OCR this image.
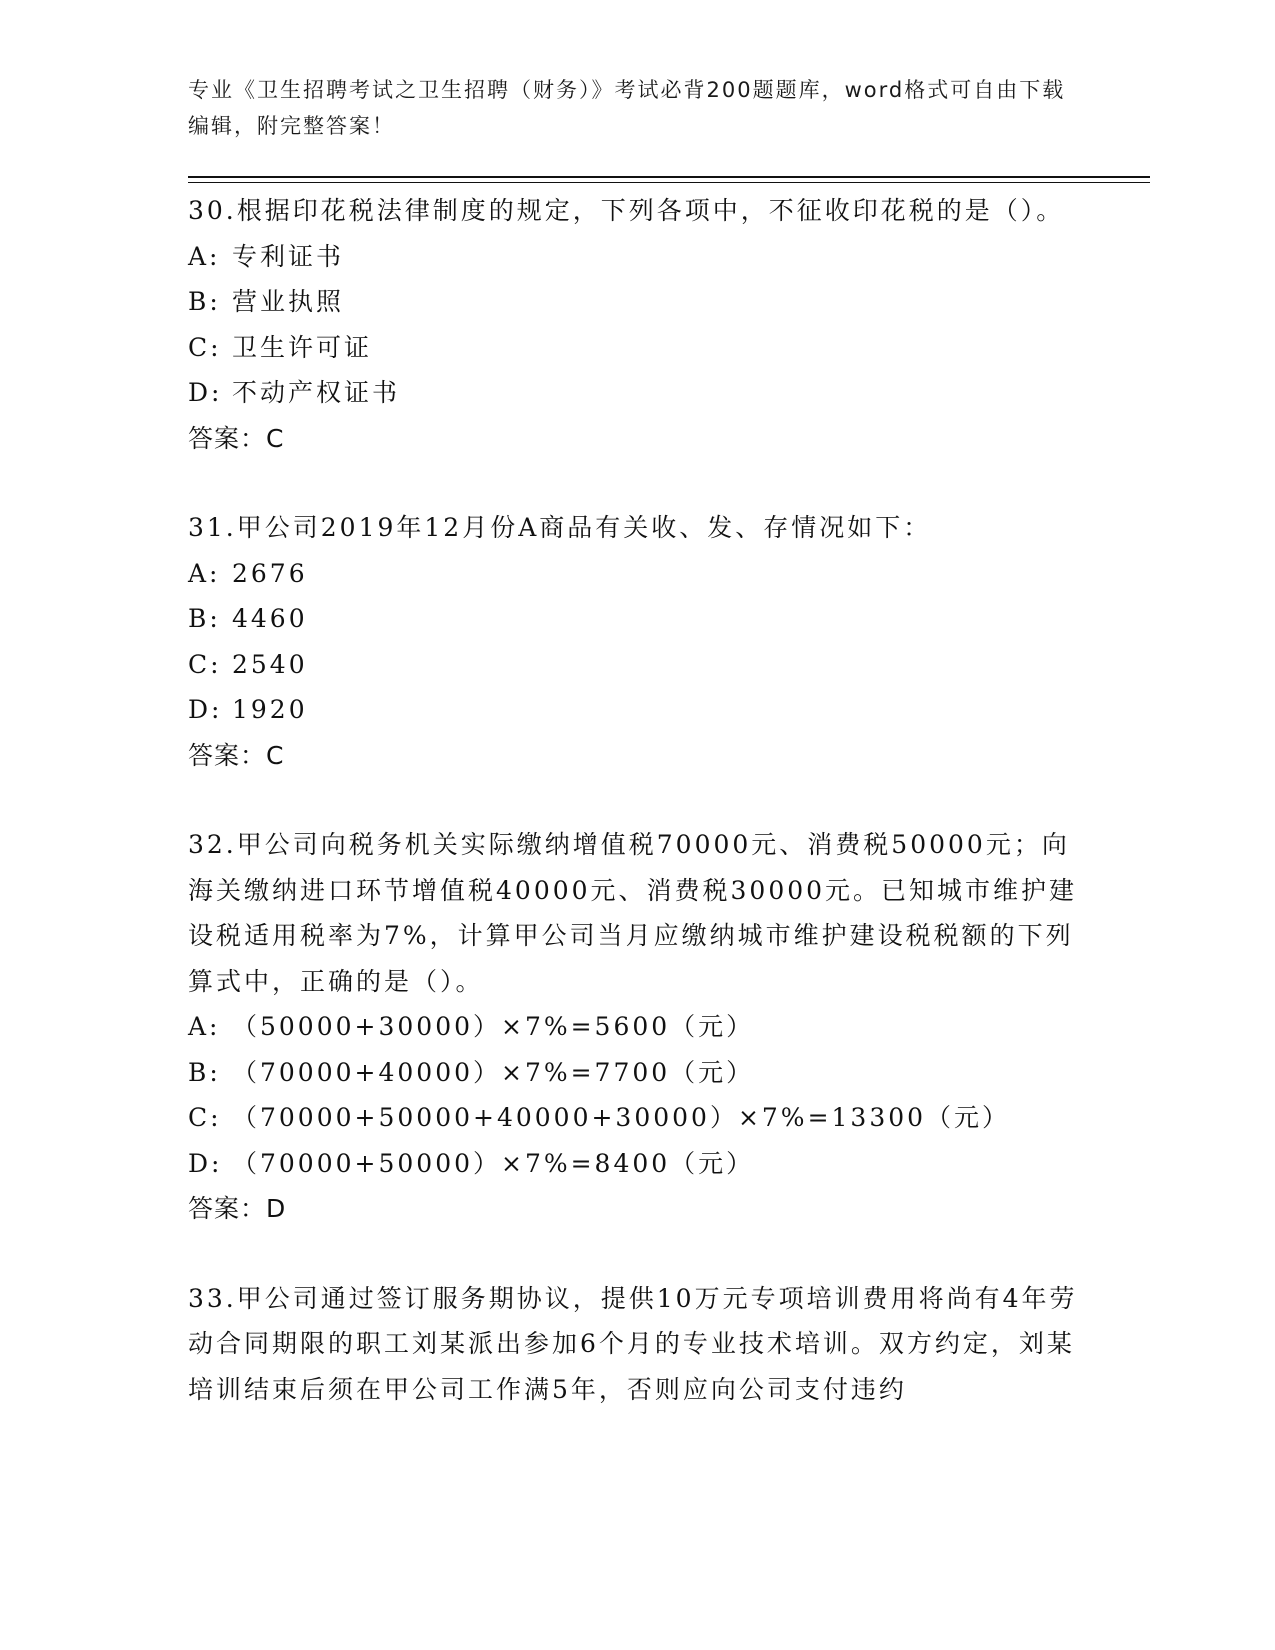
专业《卫生招聘考试之卫生招聘（财务）》考试必背200题题库，word格式可自由下载编辑，附完整答案！

30.根据印花税法律制度的规定，下列各项中，不征收印花税的是（）。

A: 专利证书

B: 营业执照

C: 卫生许可证

D: 不动产权证书

答案：C

31.甲公司2019年12月份A商品有关收、发、存情况如下：

A: 2676

B: 4460

C: 2540

D: 1920

答案：C

32.甲公司向税务机关实际缴纳增值税70000元、消费税50000元；向海关缴纳进口环节增值税40000元、消费税30000元。已知城市维护建设税适用税率为7%，计算甲公司当月应缴纳城市维护建设税税额的下列算式中，正确的是（）。

A: （50000+30000）×7%=5600（元）

B: （70000+40000）×7%=7700（元）

C: （70000+50000+40000+30000）×7%=13300（元）

D: （70000+50000）×7%=8400（元）

答案：D

33.甲公司通过签订服务期协议，提供10万元专项培训费用将尚有4年劳动合同期限的职工刘某派出参加6个月的专业技术培训。双方约定，刘某培训结束后须在甲公司工作满5年，否则应向公司支付违约
